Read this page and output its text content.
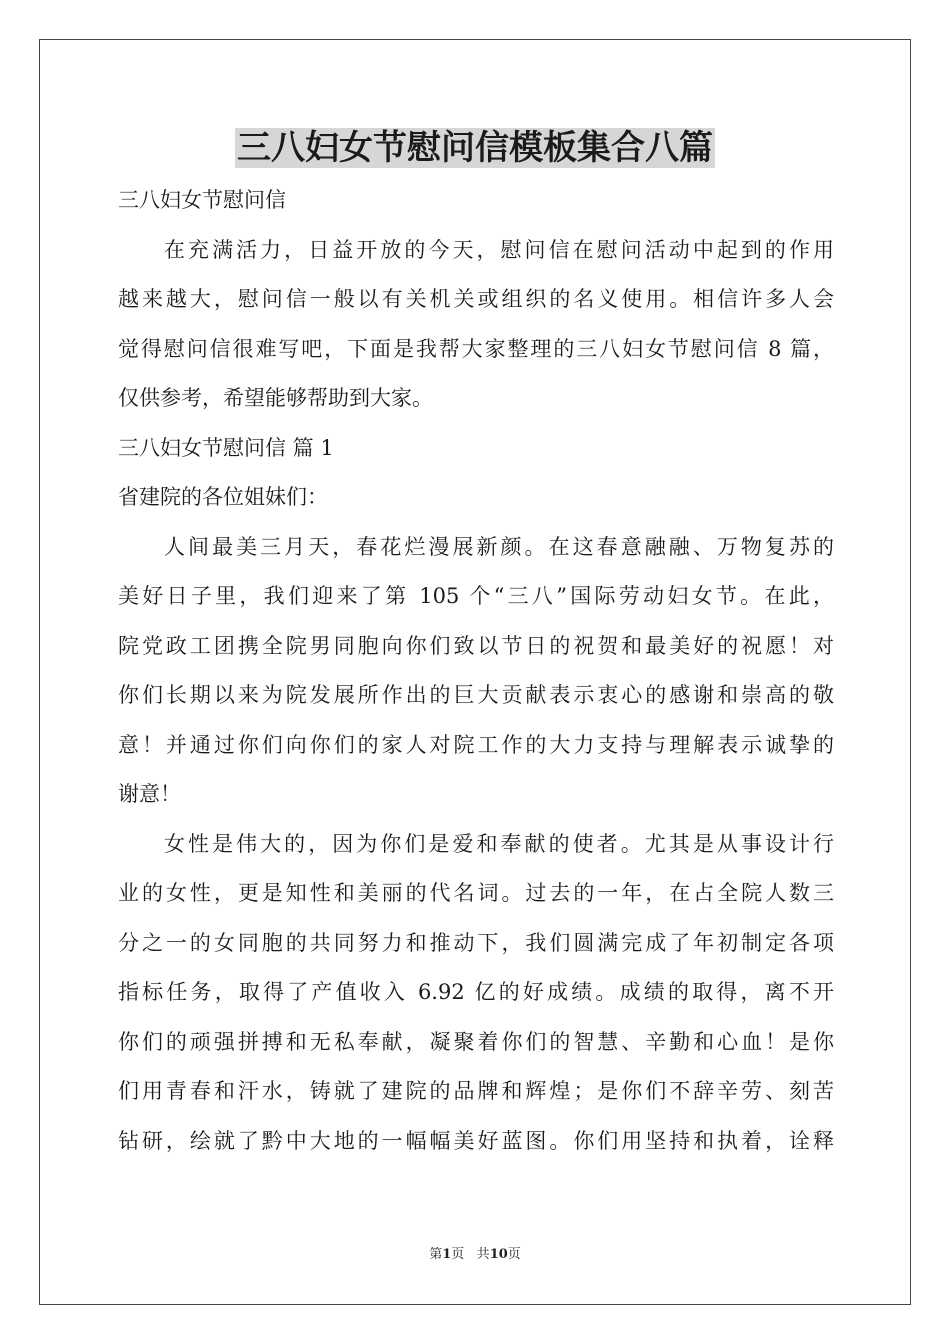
三八妇女节慰问信模板集合八篇
三八妇女节慰问信
在充满活力，日益开放的今天，慰问信在慰问活动中起到的作用
越来越大，慰问信一般以有关机关或组织的名义使用。相信许多人会
觉得慰问信很难写吧，下面是我帮大家整理的三八妇女节慰问信 8 篇，
仅供参考，希望能够帮助到大家。
三八妇女节慰问信 篇 1
省建院的各位姐妹们：
人间最美三月天，春花烂漫展新颜。在这春意融融、万物复苏的
美好日子里，我们迎来了第 105 个“三八”国际劳动妇女节。在此，
院党政工团携全院男同胞向你们致以节日的祝贺和最美好的祝愿！对
你们长期以来为院发展所作出的巨大贡献表示衷心的感谢和崇高的敬
意！并通过你们向你们的家人对院工作的大力支持与理解表示诚挚的
谢意！
女性是伟大的，因为你们是爱和奉献的使者。尤其是从事设计行
业的女性，更是知性和美丽的代名词。过去的一年，在占全院人数三
分之一的女同胞的共同努力和推动下，我们圆满完成了年初制定各项
指标任务，取得了产值收入 6.92 亿的好成绩。成绩的取得，离不开
你们的顽强拼搏和无私奉献，凝聚着你们的智慧、辛勤和心血！是你
们用青春和汗水，铸就了建院的品牌和辉煌；是你们不辞辛劳、刻苦
钻研，绘就了黔中大地的一幅幅美好蓝图。你们用坚持和执着，诠释
第1页 共10页
